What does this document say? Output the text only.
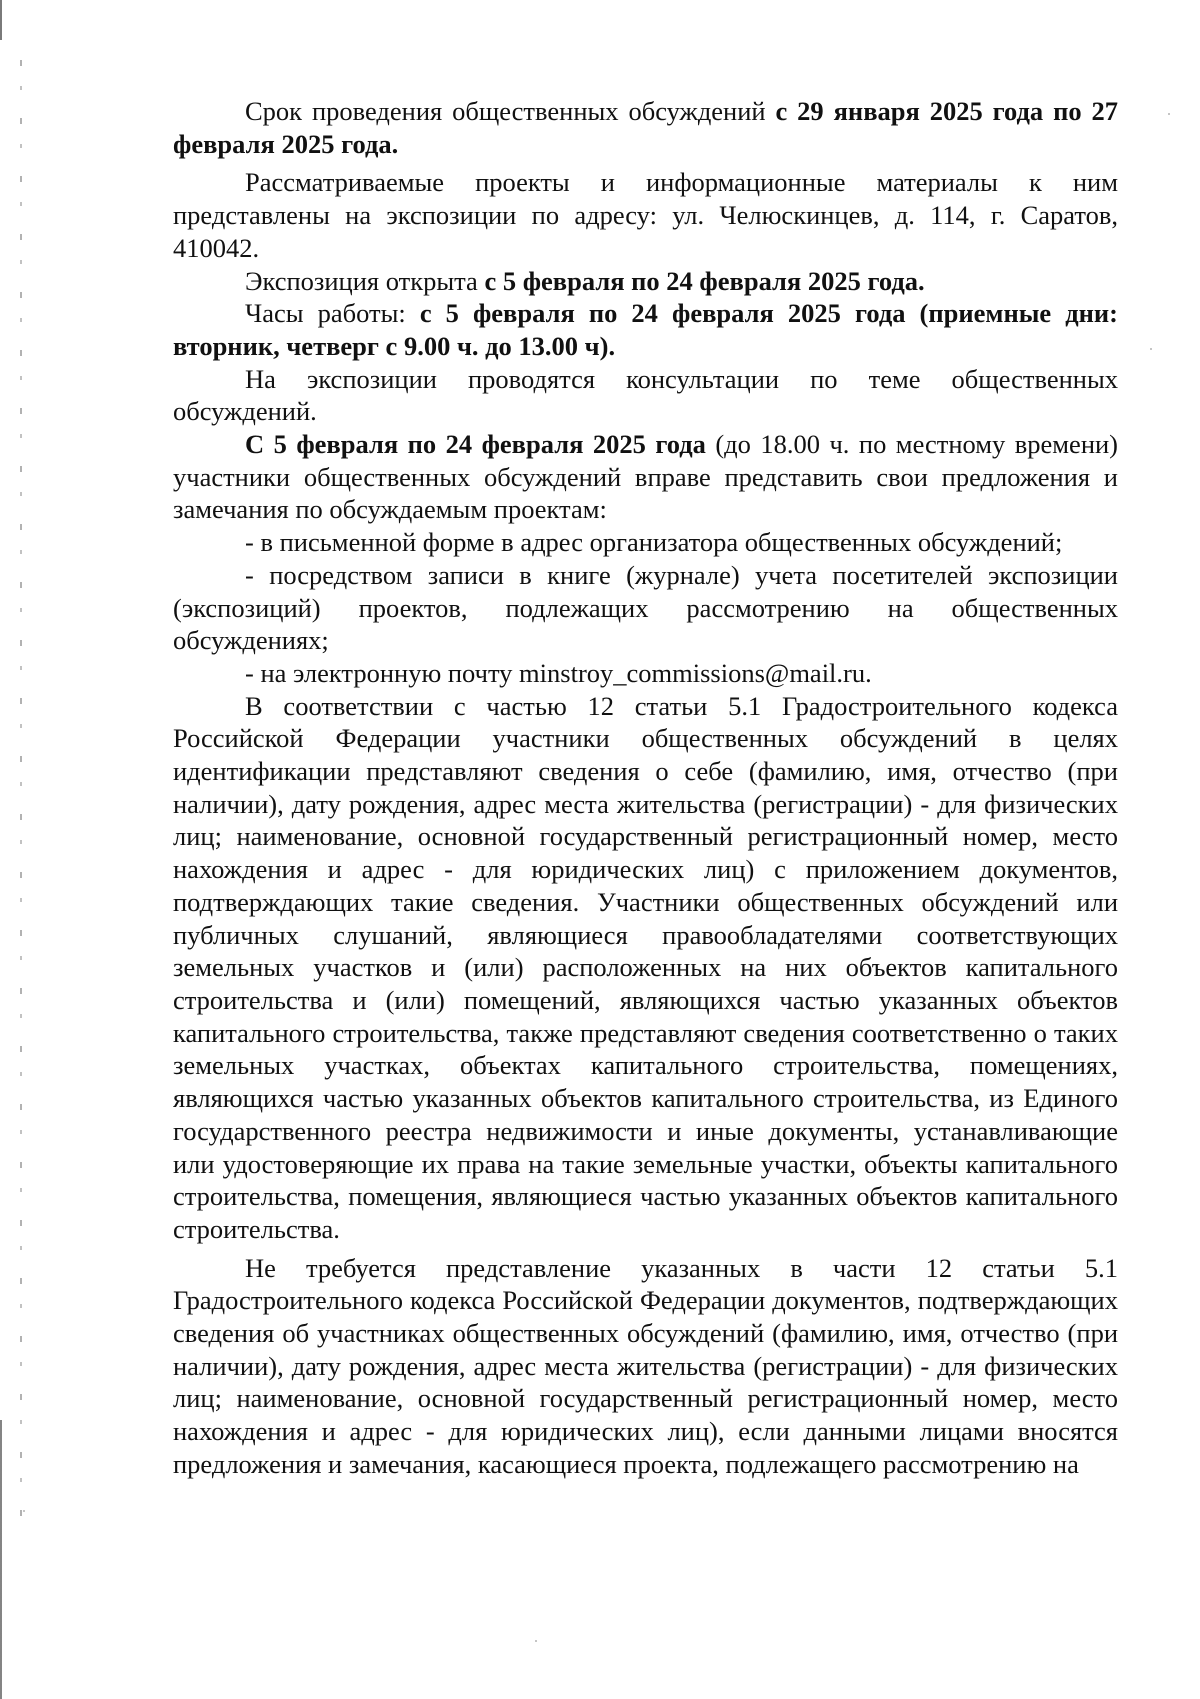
Срок проведения общественных обсуждений с 29 января 2025 года по 27 февраля 2025 года.

Рассматриваемые проекты и информационные материалы к ним представлены на экспозиции по адресу: ул. Челюскинцев, д. 114, г. Саратов, 410042.

Экспозиция открыта с 5 февраля по 24 февраля 2025 года.

Часы работы: с 5 февраля по 24 февраля 2025 года (приемные дни: вторник, четверг с 9.00 ч. до 13.00 ч).

На экспозиции проводятся консультации по теме общественных обсуждений.

С 5 февраля по 24 февраля 2025 года (до 18.00 ч. по местному времени) участники общественных обсуждений вправе представить свои предложения и замечания по обсуждаемым проектам:

- в письменной форме в адрес организатора общественных обсуждений;

- посредством записи в книге (журнале) учета посетителей экспозиции (экспозиций) проектов, подлежащих рассмотрению на общественных обсуждениях;

- на электронную почту minstroy_commissions@mail.ru.

В соответствии с частью 12 статьи 5.1 Градостроительного кодекса Российской Федерации участники общественных обсуждений в целях идентификации представляют сведения о себе (фамилию, имя, отчество (при наличии), дату рождения, адрес места жительства (регистрации) - для физических лиц; наименование, основной государственный регистрационный номер, место нахождения и адрес - для юридических лиц) с приложением документов, подтверждающих такие сведения. Участники общественных обсуждений или публичных слушаний, являющиеся правообладателями соответствующих земельных участков и (или) расположенных на них объектов капитального строительства и (или) помещений, являющихся частью указанных объектов капитального строительства, также представляют сведения соответственно о таких земельных участках, объектах капитального строительства, помещениях, являющихся частью указанных объектов капитального строительства, из Единого государственного реестра недвижимости и иные документы, устанавливающие или удостоверяющие их права на такие земельные участки, объекты капитального строительства, помещения, являющиеся частью указанных объектов капитального строительства.

Не требуется представление указанных в части 12 статьи 5.1 Градостроительного кодекса Российской Федерации документов, подтверждающих сведения об участниках общественных обсуждений (фамилию, имя, отчество (при наличии), дату рождения, адрес места жительства (регистрации) - для физических лиц; наименование, основной государственный регистрационный номер, место нахождения и адрес - для юридических лиц), если данными лицами вносятся предложения и замечания, касающиеся проекта, подлежащего рассмотрению на
